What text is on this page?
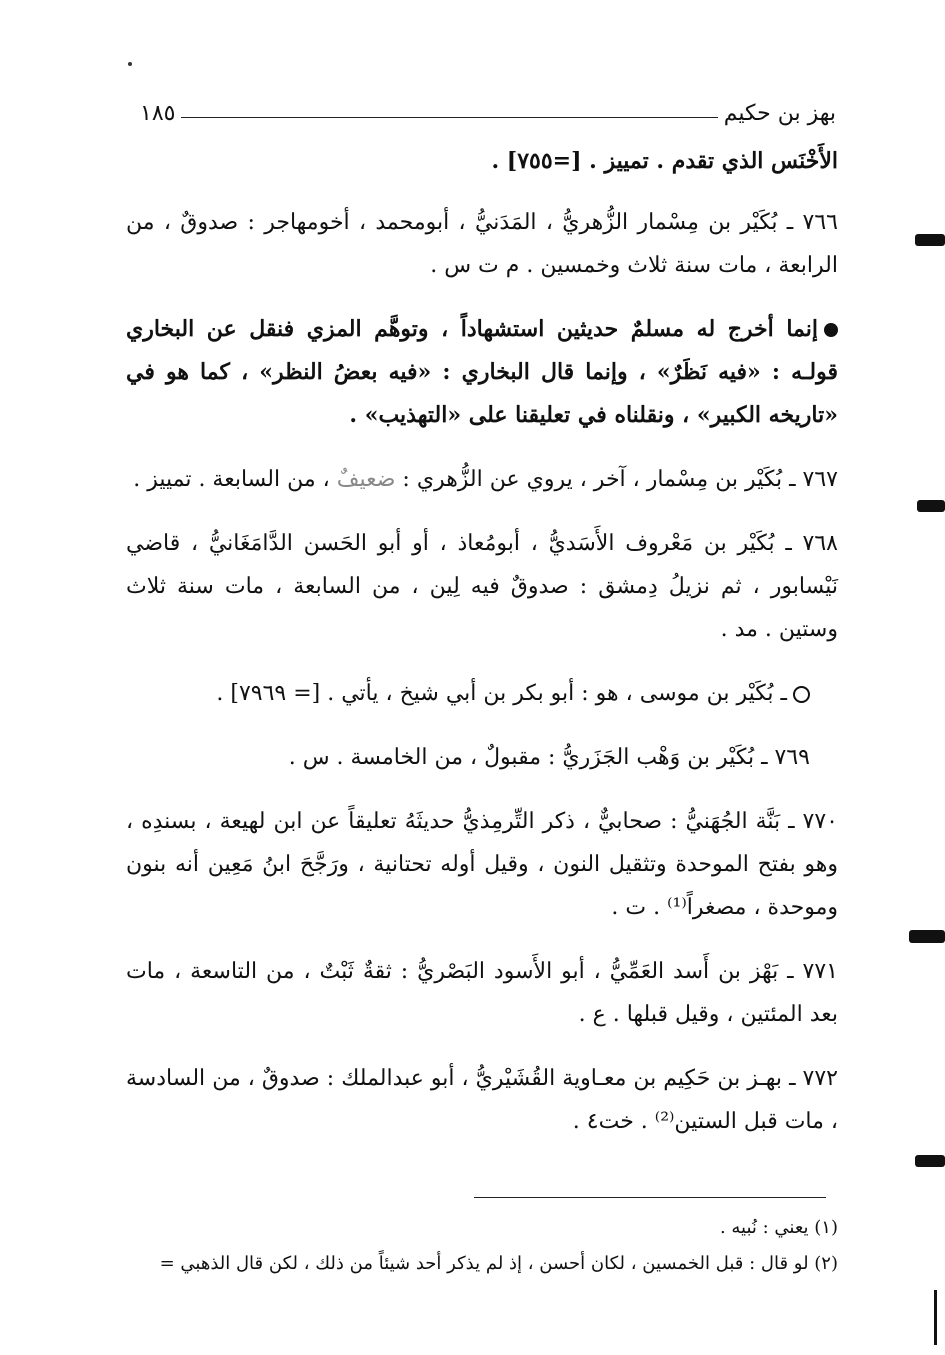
بهز بن حكيم
١٨٥

الأَخْنَس الذي تقدم . تمييز . [=٧٥٥] .

٧٦٦ ـ بُكَيْر بن مِسْمار الزُّهريُّ ، المَدَنيُّ ، أبومحمد ، أخومهاجر : صدوقٌ ، من الرابعة ، مات سنة ثلاث وخمسين . م ت س .

إنما أخرج له مسلمٌ حديثين استشهاداً ، وتوهَّم المزي فنقل عن البخاري قولـه : «فيه نَظَرٌ» ، وإنما قال البخاري : «فيه بعضُ النظر» ، كما هو في «تاريخه الكبير» ، ونقلناه في تعليقنا على «التهذيب» .

٧٦٧ ـ بُكَيْر بن مِسْمار ، آخر ، يروي عن الزُّهري : ضعيفٌ ، من السابعة . تمييز .

٧٦٨ ـ بُكَيْر بن مَعْروف الأَسَديُّ ، أبومُعاذ ، أو أبو الحَسن الدَّامَغَانيُّ ، قاضي نَيْسابور ، ثم نزيلُ دِمشق : صدوقٌ فيه لِين ، من السابعة ، مات سنة ثلاث وستين . مد .

ـ بُكَيْر بن موسى ، هو : أبو بكر بن أبي شيخ ، يأتي . [= ٧٩٦٩] .

٧٦٩ ـ بُكَيْر بن وَهْب الجَزَريُّ : مقبولٌ ، من الخامسة . س .

٧٧٠ ـ بَنَّة الجُهَنيُّ : صحابيٌّ ، ذكر التِّرمِذيُّ حديثَهُ تعليقاً عن ابن لهيعة ، بسندِه ، وهو بفتح الموحدة وتثقيل النون ، وقيل أوله تحتانية ، ورَجَّحَ ابنُ مَعِين أنه بنون وموحدة ، مصغراً⁽¹⁾ . ت .

٧٧١ ـ بَهْز بن أَسد العَمِّيُّ ، أبو الأَسود البَصْريُّ : ثقةٌ ثَبْتٌ ، من التاسعة ، مات بعد المئتين ، وقيل قبلها . ع .

٧٧٢ ـ بهـز بن حَكِيم بن معـاوية القُشَيْريُّ ، أبو عبدالملك : صدوقٌ ، من السادسة ، مات قبل الستين⁽²⁾ . خت٤ .

(١) يعني : نُبيه .

(٢) لو قال : قبل الخمسين ، لكان أحسن ، إذ لم يذكر أحد شيئاً من ذلك ، لكن قال الذهبي =
